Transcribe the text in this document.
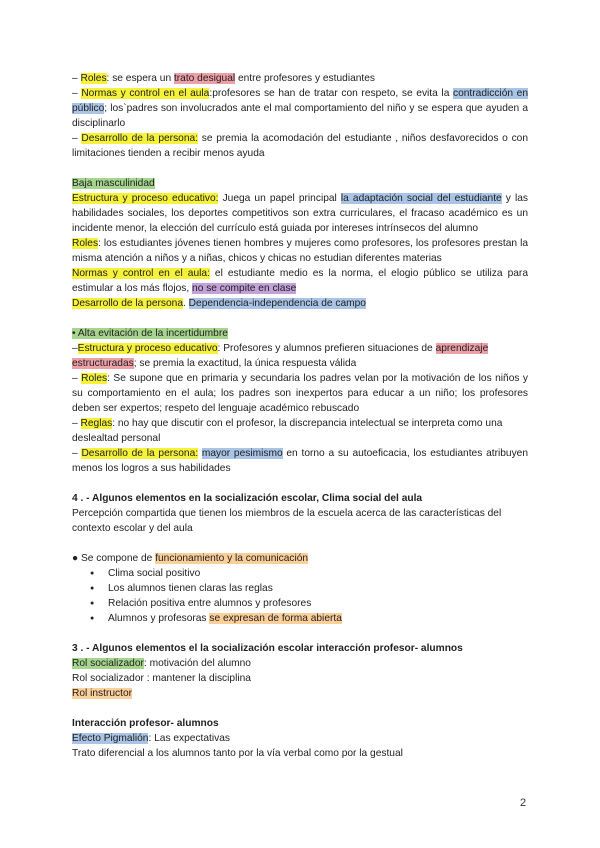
– Roles: se espera un trato desigual entre profesores y estudiantes

– Normas y control en el aula:profesores se han de tratar con respeto, se evita la contradicción en público; los`padres son involucrados ante el mal comportamiento del niño y se espera que ayuden a disciplinarlo

– Desarrollo de la persona: se premia la acomodación del estudiante , niños desfavorecidos o con limitaciones tienden a recibir menos ayuda

Baja masculinidad

Estructura y proceso educativo: Juega un papel principal la adaptación social del estudiante y las habilidades sociales, los deportes competitivos son extra curriculares, el fracaso académico es un incidente menor, la elección del currículo está guiada por intereses intrínsecos del alumno

Roles: los estudiantes jóvenes tienen hombres y mujeres como profesores, los profesores prestan la misma atención a niños y a niñas, chicos y chicas no estudian diferentes materias

Normas y control en el aula: el estudiante medio es la norma, el elogio público se utiliza para estimular a los más flojos, no se compite en clase

Desarrollo de la persona. Dependencia-independencia de campo

• Alta evitación de la incertidumbre

–Estructura y proceso educativo: Profesores y alumnos prefieren situaciones de aprendizaje estructuradas; se premia la exactitud, la única respuesta válida

– Roles: Se supone que en primaria y secundaria los padres velan por la motivación de los niños y su comportamiento en el aula; los padres son inexpertos para educar a un niño; los profesores deben ser expertos; respeto del lenguaje académico rebuscado

– Reglas: no hay que discutir con el profesor, la discrepancia intelectual se interpreta como una deslealtad personal

– Desarrollo de la persona: mayor pesimismo en torno a su autoeficacia, los estudiantes atribuyen menos los logros a sus habilidades

4 . - Algunos elementos en la socialización escolar, Clima social del aula

Percepción compartida que tienen los miembros de la escuela acerca de las características del contexto escolar y del aula

● Se compone de funcionamiento y la comunicación

● Clima social positivo
● Los alumnos tienen claras las reglas
● Relación positiva entre alumnos y profesores
● Alumnos y profesoras se expresan de forma abierta

3 . - Algunos elementos el la socialización escolar interacción profesor- alumnos

Rol socializador: motivación del alumno

Rol socializador : mantener la disciplina

Rol instructor

Interacción profesor- alumnos

Efecto Pigmalión: Las expectativas

Trato diferencial a los alumnos tanto por la vía verbal como por la gestual

2
